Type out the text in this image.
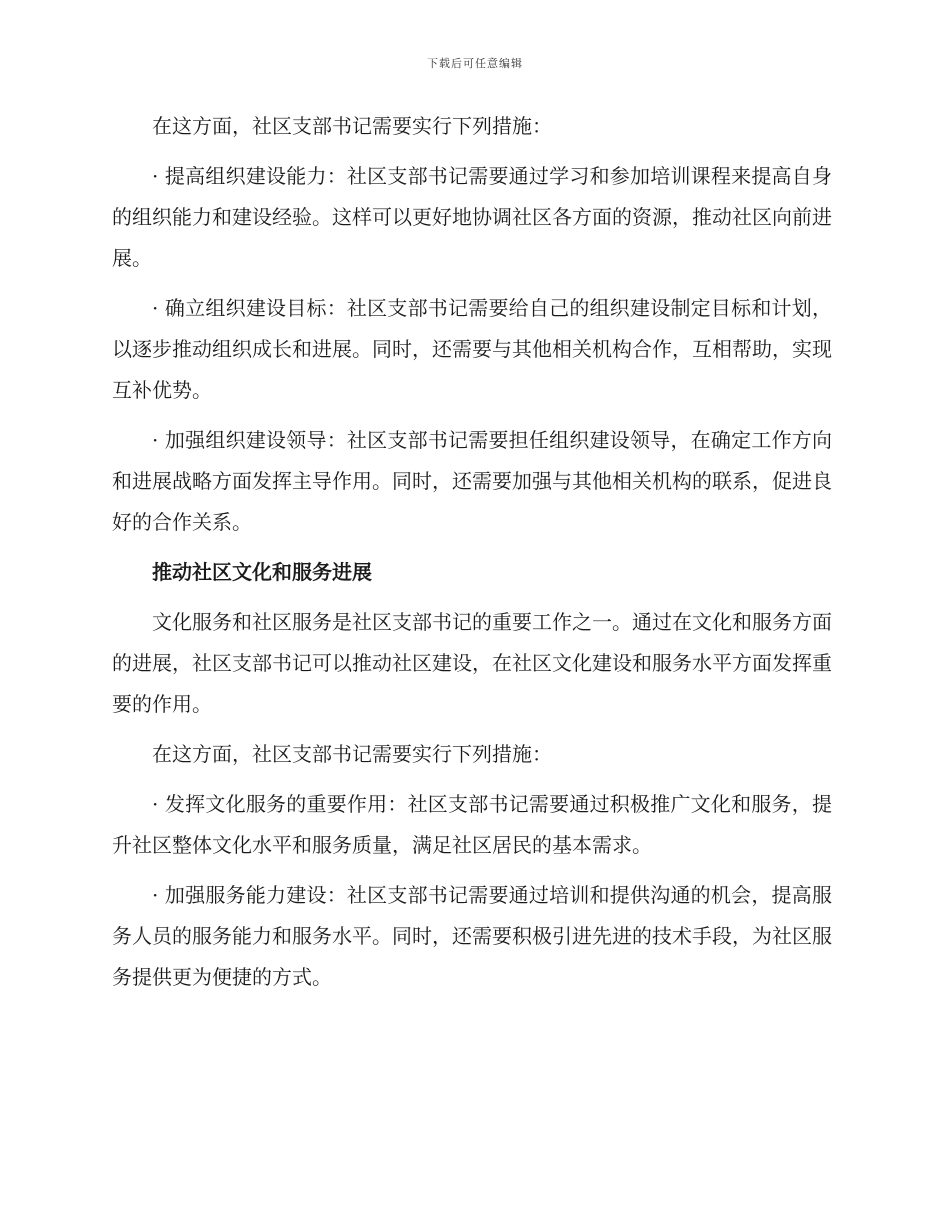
下载后可任意编辑

在这方面，社区支部书记需要实行下列措施：

· 提高组织建设能力：社区支部书记需要通过学习和参加培训课程来提高自身的组织能力和建设经验。这样可以更好地协调社区各方面的资源，推动社区向前进展。

· 确立组织建设目标：社区支部书记需要给自己的组织建设制定目标和计划，以逐步推动组织成长和进展。同时，还需要与其他相关机构合作，互相帮助，实现互补优势。

· 加强组织建设领导：社区支部书记需要担任组织建设领导，在确定工作方向和进展战略方面发挥主导作用。同时，还需要加强与其他相关机构的联系，促进良好的合作关系。

推动社区文化和服务进展

文化服务和社区服务是社区支部书记的重要工作之一。通过在文化和服务方面的进展，社区支部书记可以推动社区建设，在社区文化建设和服务水平方面发挥重要的作用。

在这方面，社区支部书记需要实行下列措施：

· 发挥文化服务的重要作用：社区支部书记需要通过积极推广文化和服务，提升社区整体文化水平和服务质量，满足社区居民的基本需求。

· 加强服务能力建设：社区支部书记需要通过培训和提供沟通的机会，提高服务人员的服务能力和服务水平。同时，还需要积极引进先进的技术手段，为社区服务提供更为便捷的方式。
